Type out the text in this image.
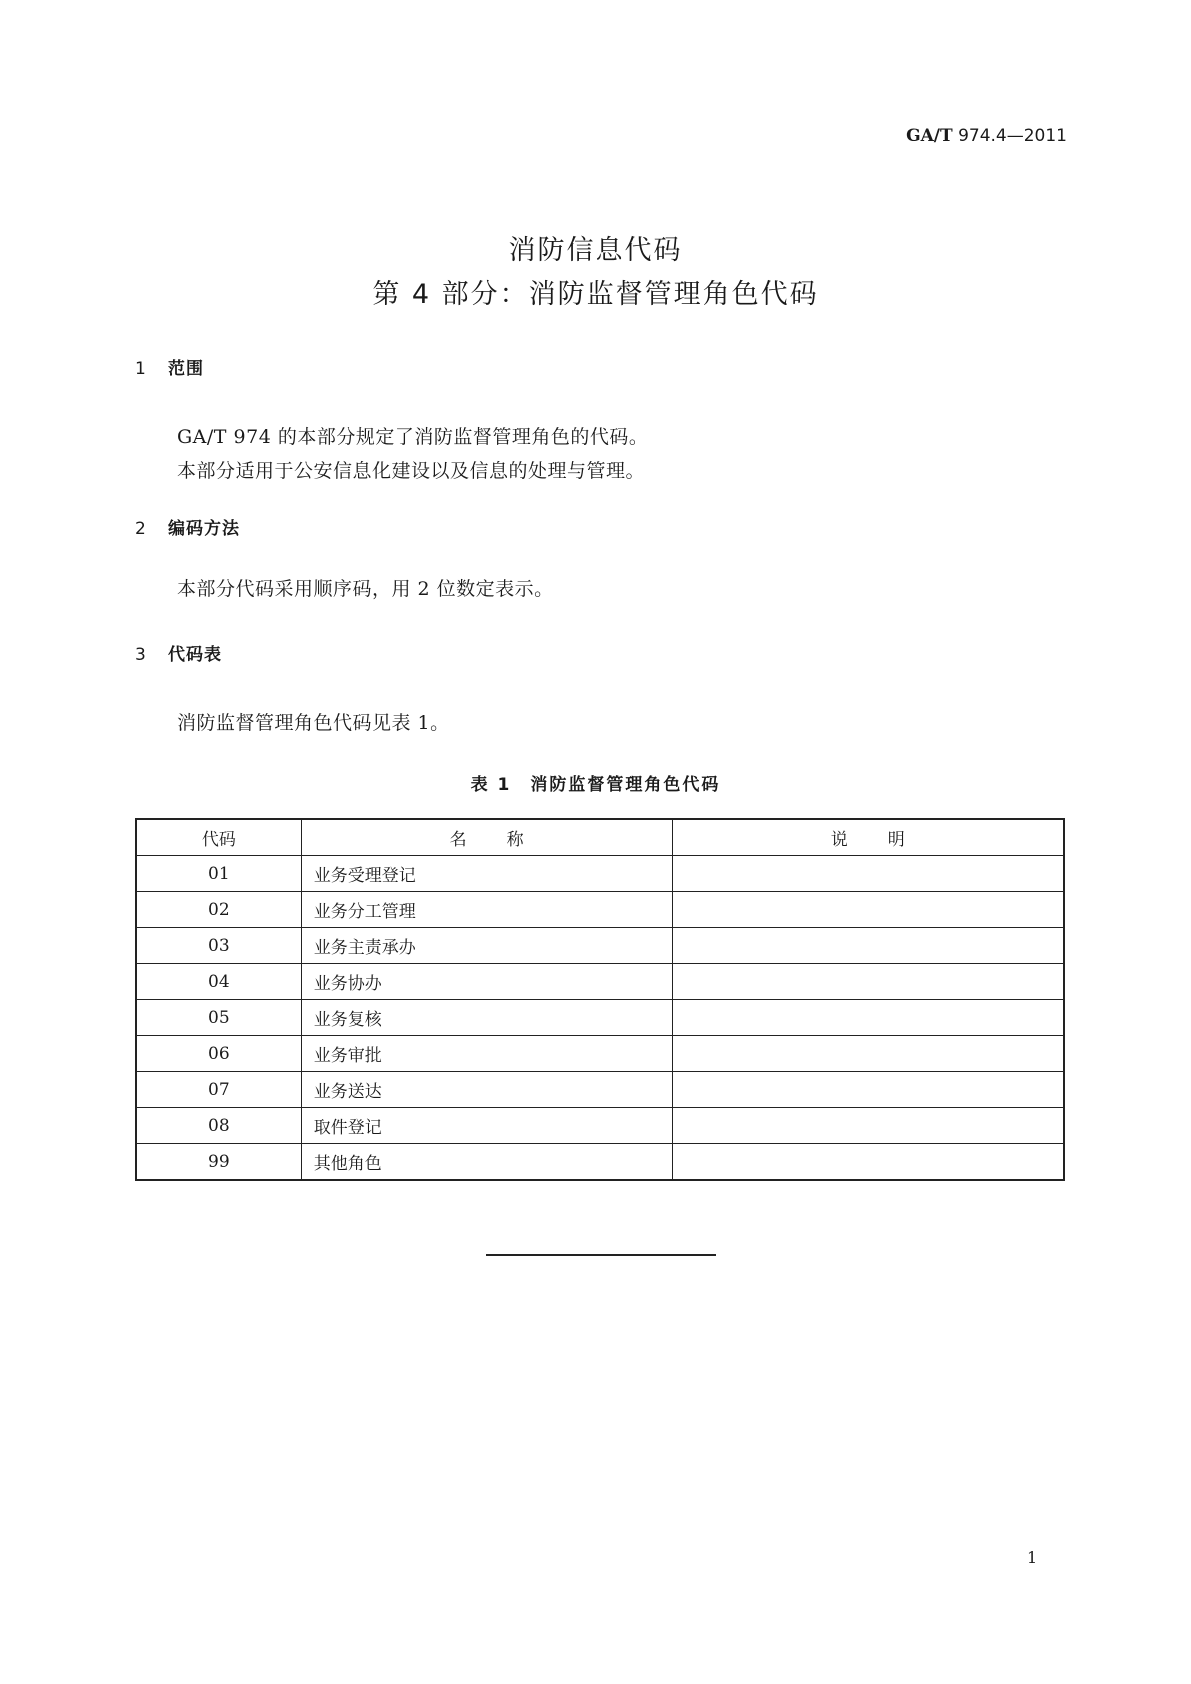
GA/T 974.4—2011
消防信息代码
第 4 部分：消防监督管理角色代码
1 范围
GA/T 974 的本部分规定了消防监督管理角色的代码。
本部分适用于公安信息化建设以及信息的处理与管理。
2 编码方法
本部分代码采用顺序码，用 2 位数定表示。
3 代码表
消防监督管理角色代码见表 1。
表 1　消防监督管理角色代码
代码	名称	说明
01	业务受理登记	
02	业务分工管理	
03	业务主责承办	
04	业务协办	
05	业务复核	
06	业务审批	
07	业务送达	
08	取件登记	
99	其他角色	
1
